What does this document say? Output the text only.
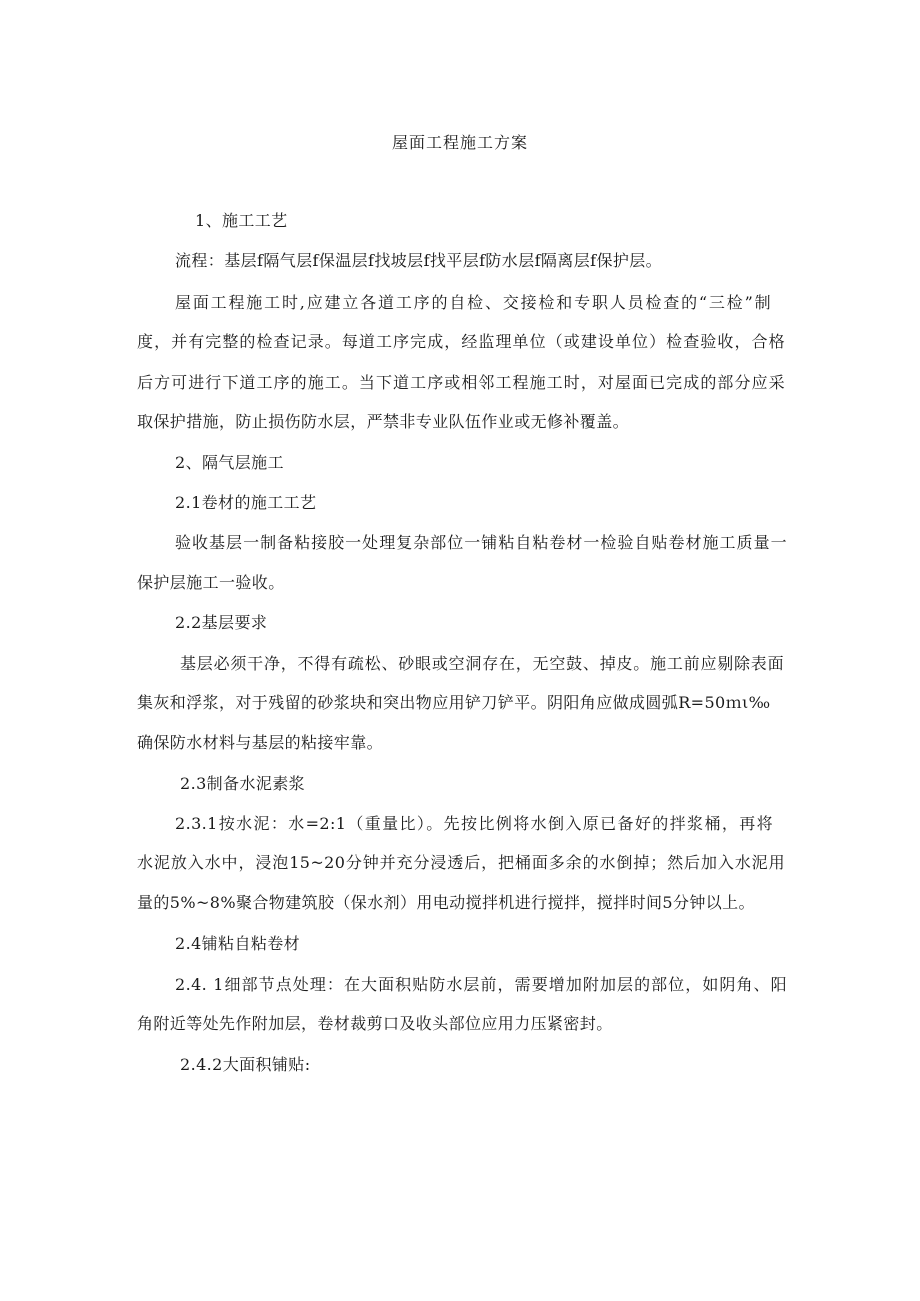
屋面工程施工方案
1、施工工艺
流程：基层f隔气层f保温层f找坡层f找平层f防水层f隔离层f保护层。
屋面工程施工时,应建立各道工序的自检、交接检和专职人员检查的“三检”制
度，并有完整的检查记录。每道工序完成，经监理单位（或建设单位）检查验收，合格
后方可进行下道工序的施工。当下道工序或相邻工程施工时，对屋面已完成的部分应采
取保护措施，防止损伤防水层，严禁非专业队伍作业或无修补覆盖。
2、隔气层施工
2.1卷材的施工工艺
验收基层一制备粘接胶一处理复杂部位一铺粘自粘卷材一检验自贴卷材施工质量一
保护层施工一验收。
2.2基层要求
基层必须干净，不得有疏松、砂眼或空洞存在，无空鼓、掉皮。施工前应剔除表面
集灰和浮浆，对于残留的砂浆块和突出物应用铲刀铲平。阴阳角应做成圆弧R=50ｍι‰
确保防水材料与基层的粘接牢靠。
2.3制备水泥素浆
2.3.1按水泥：水=2:1（重量比）。先按比例将水倒入原已备好的拌浆桶，再将
水泥放入水中，浸泡15~20分钟并充分浸透后，把桶面多余的水倒掉；然后加入水泥用
量的5%~8%聚合物建筑胶（保水剂）用电动搅拌机进行搅拌，搅拌时间5分钟以上。
2.4铺粘自粘卷材
2.4. 1细部节点处理：在大面积贴防水层前，需要增加附加层的部位，如阴角、阳
角附近等处先作附加层，卷材裁剪口及收头部位应用力压紧密封。
2.4.2大面积铺贴:
